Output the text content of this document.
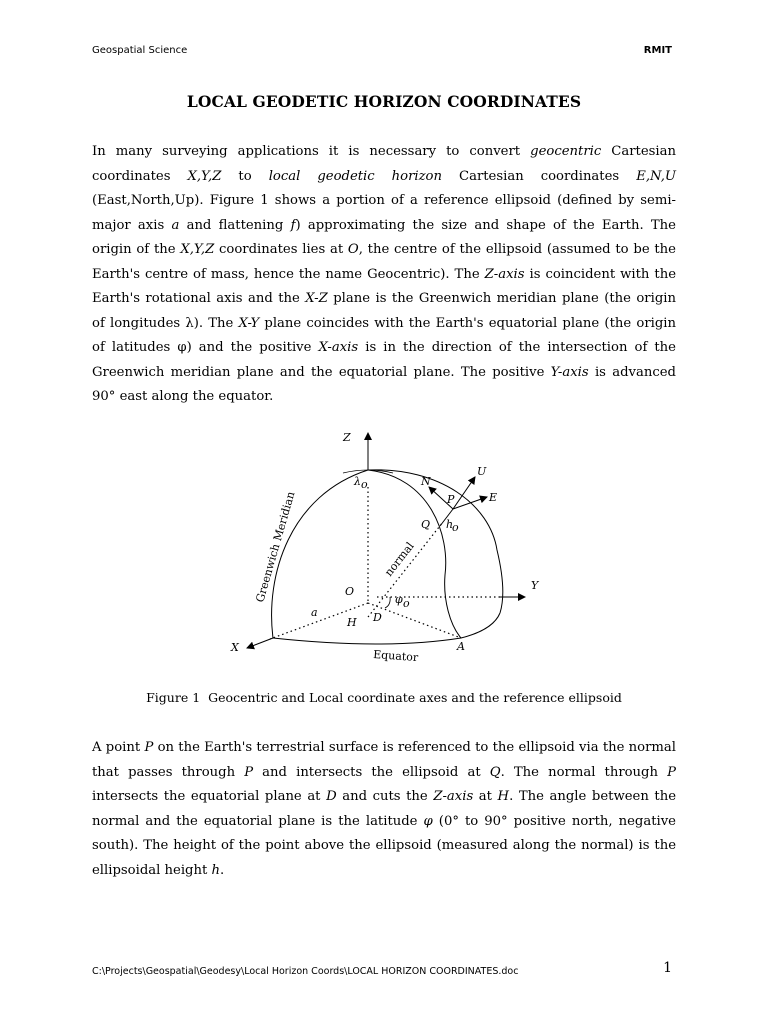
Geospatial Science	RMIT
LOCAL GEODETIC HORIZON COORDINATES
In many surveying applications it is necessary to convert geocentric Cartesian coordinates X,Y,Z to local geodetic horizon Cartesian coordinates E,N,U (East,North,Up). Figure 1 shows a portion of a reference ellipsoid (defined by semi-major axis a and flattening f) approximating the size and shape of the Earth. The origin of the X,Y,Z coordinates lies at O, the centre of the ellipsoid (assumed to be the Earth's centre of mass, hence the name Geocentric). The Z-axis is coincident with the Earth's rotational axis and the X-Z plane is the Greenwich meridian plane (the origin of longitudes λ). The X-Y plane coincides with the Earth's equatorial plane (the origin of latitudes φ) and the positive X-axis is in the direction of the intersection of the Greenwich meridian plane and the equatorial plane. The positive Y-axis is advanced 90° east along the equator.
Z
Y
X
U
N
E
P
Q h
o
O
D
H
a
A
λ o
φ o
normal
Greenwich Meridian
Equator
Figure 1 Geocentric and Local coordinate axes and the reference ellipsoid
A point P on the Earth's terrestrial surface is referenced to the ellipsoid via the normal that passes through P and intersects the ellipsoid at Q. The normal through P intersects the equatorial plane at D and cuts the Z-axis at H. The angle between the normal and the equatorial plane is the latitude φ (0° to 90° positive north, negative south). The height of the point above the ellipsoid (measured along the normal) is the ellipsoidal height h.
C:\Projects\Geospatial\Geodesy\Local Horizon Coords\LOCAL HORIZON COORDINATES.doc	1
